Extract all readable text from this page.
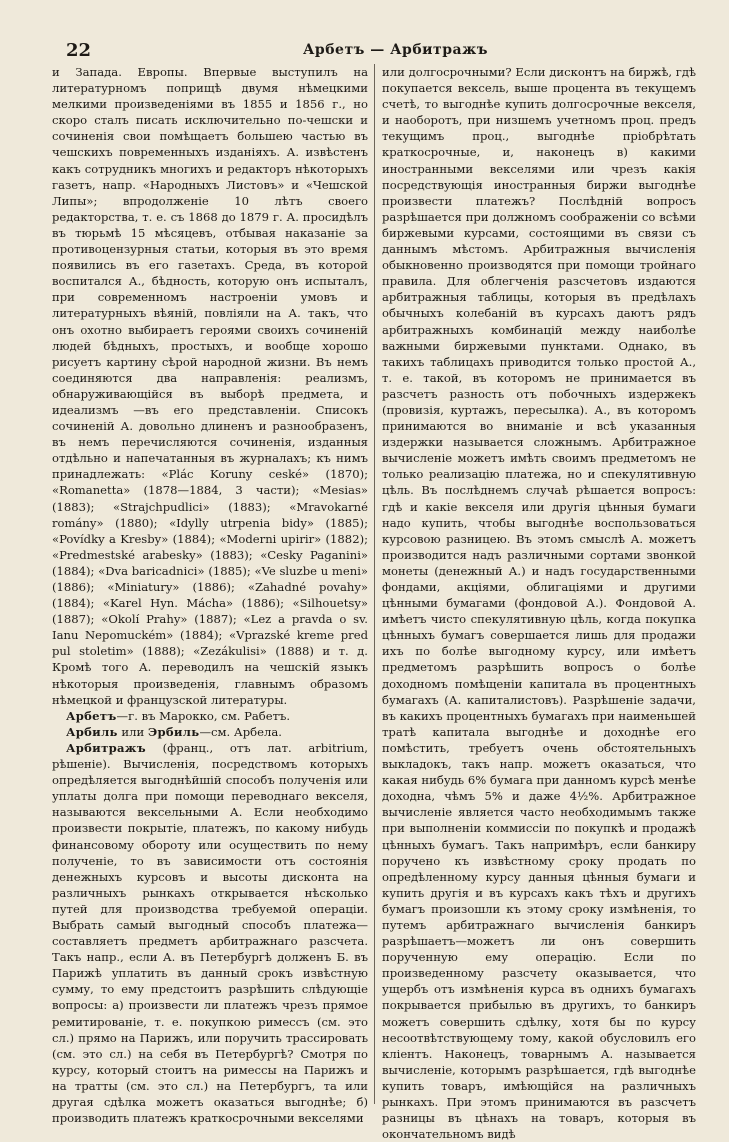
22	Арбетъ — Арбитражъ

и Запада. Европы. Впервые выступилъ на литературномъ поприщѣ двумя нѣмецкими мелкими произведеніями въ 1855 и 1856 г., но скоро сталъ писать исключительно по-чешски и сочиненія свои помѣщаетъ большею частью въ чешскихъ повременныхъ изданіяхъ. А. извѣстенъ какъ сотрудникъ многихъ и редакторъ нѣкоторыхъ газетъ, напр. «Народныхъ Листовъ» и «Чешской Липы»; впродолженіе 10 лѣтъ своего редакторства, т. е. съ 1868 до 1879 г. А. просидѣлъ въ тюрьмѣ 15 мѣсяцевъ, отбывая наказаніе за противоцензурныя статьи, которыя въ это время появились въ его газетахъ. Среда, въ которой воспитался А., бѣдность, которую онъ испыталъ, при современномъ настроеніи умовъ и литературныхъ вѣяній, повліяли на А. такъ, что онъ охотно выбираетъ героями своихъ сочиненій людей бѣдныхъ, простыхъ, и вообще хорошо рисуетъ картину сѣрой народной жизни. Въ немъ соединяются два направленія: реализмъ, обнаруживающійся въ выборѣ предмета, и идеализмъ —въ его представленіи. Списокъ сочиненій А. довольно длиненъ и разнообразенъ, въ немъ перечисляются сочиненія, изданныя отдѣльно и напечатанныя въ журналахъ; къ нимъ принадлежать: «Plác Koruny ceské» (1870); «Romanetta» (1878—1884, 3 части); «Mesias» (1883); «Strajchpudlici» (1883); «Mravokarné romány» (1880); «Idylly utrpenia bidy» (1885); «Povídky a Kresby» (1884); «Moderni upirir» (1882); «Predmestské arabesky» (1883); «Cesky Paganini» (1884); «Dva baricadnici» (1885); «Ve sluzbe u meni» (1886); «Miniatury» (1886); «Zahadné povahy» (1884); «Karel Hyn. Mácha» (1886); «Silhouetsy» (1887); «Okolí Prahy» (1887); «Lez a pravda o sv. Ianu Nepomuckém» (1884); «Vprazské kreme pred pul stoletim» (1888); «Zezákulisi» (1888) и т. д. Кромѣ того А. переводилъ на чешскій языкъ нѣкоторыя произведенія, главнымъ образомъ нѣмецкой и французской литературы.

Арбетъ—г. въ Марокко, см. Рабетъ.

Арбиль или Эрбиль—см. Арбела.

Арбитражъ (франц., отъ лат. arbitrium, рѣшеніе). Вычисленія, посредствомъ которыхъ опредѣляется выгоднѣйшій способъ полученія или уплаты долга при помощи переводнаго векселя, называются вексельными А. Если необходимо произвести покрытіе, платежъ, по какому нибудь финансовому обороту или осуществить по нему полученіе, то въ зависимости отъ состоянія денежныхъ курсовъ и высоты дисконта на различныхъ рынкахъ открывается нѣсколько путей для производства требуемой операціи. Выбрать самый выгодный способъ платежа—составляетъ предметъ арбитражнаго разсчета. Такъ напр., если А. въ Петербургѣ долженъ Б. въ Парижѣ уплатить въ данный срокъ извѣстную сумму, то ему предстоитъ разрѣшить слѣдующіе вопросы: а) произвести ли платежъ чрезъ прямое ремитированіе, т. е. покупкою римессъ (см. это сл.) прямо на Парижъ, или поручить трассировать (см. это сл.) на себя въ Петербургѣ? Смотря по курсу, который стоитъ на римессы на Парижъ и на тратты (см. это сл.) на Петербургъ, та или другая сдѣлка можетъ оказаться выгоднѣе; б) производить платежъ краткосрочными векселями

или долгосрочными? Если дисконтъ на биржѣ, гдѣ покупается вексель, выше процента въ текущемъ счетѣ, то выгоднѣе купить долгосрочные векселя, и наоборотъ, при низшемъ учетномъ проц. предъ текущимъ проц., выгоднѣе пріобрѣтать краткосрочные, и, наконецъ в) какими иностранными векселями или чрезъ какія посредствующія иностранныя биржи выгоднѣе произвести платежъ? Послѣдній вопросъ разрѣшается при должномъ соображеніи со всѣми биржевыми курсами, состоящими въ связи съ даннымъ мѣстомъ. Арбитражныя вычисленія обыкновенно производятся при помощи тройнаго правила. Для облегченія разсчетовъ издаются арбитражныя таблицы, которыя въ предѣлахъ обычныхъ колебаній въ курсахъ даютъ рядъ арбитражныхъ комбинацій между наиболѣе важными биржевыми пунктами. Однако, въ такихъ таблицахъ приводится только простой А., т. е. такой, въ которомъ не принимается въ разсчетъ разность отъ побочныхъ издержекъ (провизія, куртажъ, пересылка). А., въ которомъ принимаются во вниманіе и всѣ указанныя издержки называется сложнымъ. Арбитражное вычисленіе можетъ имѣть своимъ предметомъ не только реализацію платежа, но и спекулятивную цѣль. Въ послѣднемъ случаѣ рѣшается вопросъ: гдѣ и какіе векселя или другія цѣнныя бумаги надо купить, чтобы выгоднѣе воспользоваться курсовою разницею. Въ этомъ смыслѣ А. можетъ производится надъ различными сортами звонкой монеты (денежный А.) и надъ государственными фондами, акціями, облигаціями и другими цѣнными бумагами (фондовой А.). Фондовой А. имѣетъ чисто спекулятивную цѣль, когда покупка цѣнныхъ бумагъ совершается лишь для продажи ихъ по болѣе выгодному курсу, или имѣетъ предметомъ разрѣшить вопросъ о болѣе доходномъ помѣщеніи капитала въ процентныхъ бумагахъ (А. капиталистовъ). Разрѣшеніе задачи, въ какихъ процентныхъ бумагахъ при наименьшей тратѣ капитала выгоднѣе и доходнѣе его помѣстить, требуетъ очень обстоятельныхъ выкладокъ, такъ напр. можетъ оказаться, что какая нибудь 6% бумага при данномъ курсѣ менѣе доходна, чѣмъ 5% и даже 4½%. Арбитражное вычисленіе является часто необходимымъ также при выполненіи коммиссіи по покупкѣ и продажѣ цѣнныхъ бумагъ. Такъ напримѣръ, если банкиру поручено къ извѣстному сроку продать по опредѣленному курсу данныя цѣнныя бумаги и купить другія и въ курсахъ какъ тѣхъ и другихъ бумагъ произошли къ этому сроку измѣненія, то путемъ арбитражнаго вычисленія банкиръ разрѣшаетъ—можетъ ли онъ совершить порученную ему операцію. Если по произведенному разсчету оказывается, что ущербъ отъ измѣненія курса въ однихъ бумагахъ покрывается прибылью въ другихъ, то банкиръ можетъ совершить сдѣлку, хотя бы по курсу несоотвѣтствующему тому, какой обусловилъ его кліентъ. Наконецъ, товарнымъ А. называется вычисленіе, которымъ разрѣшается, гдѣ выгоднѣе купить товаръ, имѣющійся на различныхъ рынкахъ. При этомъ принимаются въ разсчетъ разницы въ цѣнахъ на товаръ, которыя въ окончательномъ видѣ
